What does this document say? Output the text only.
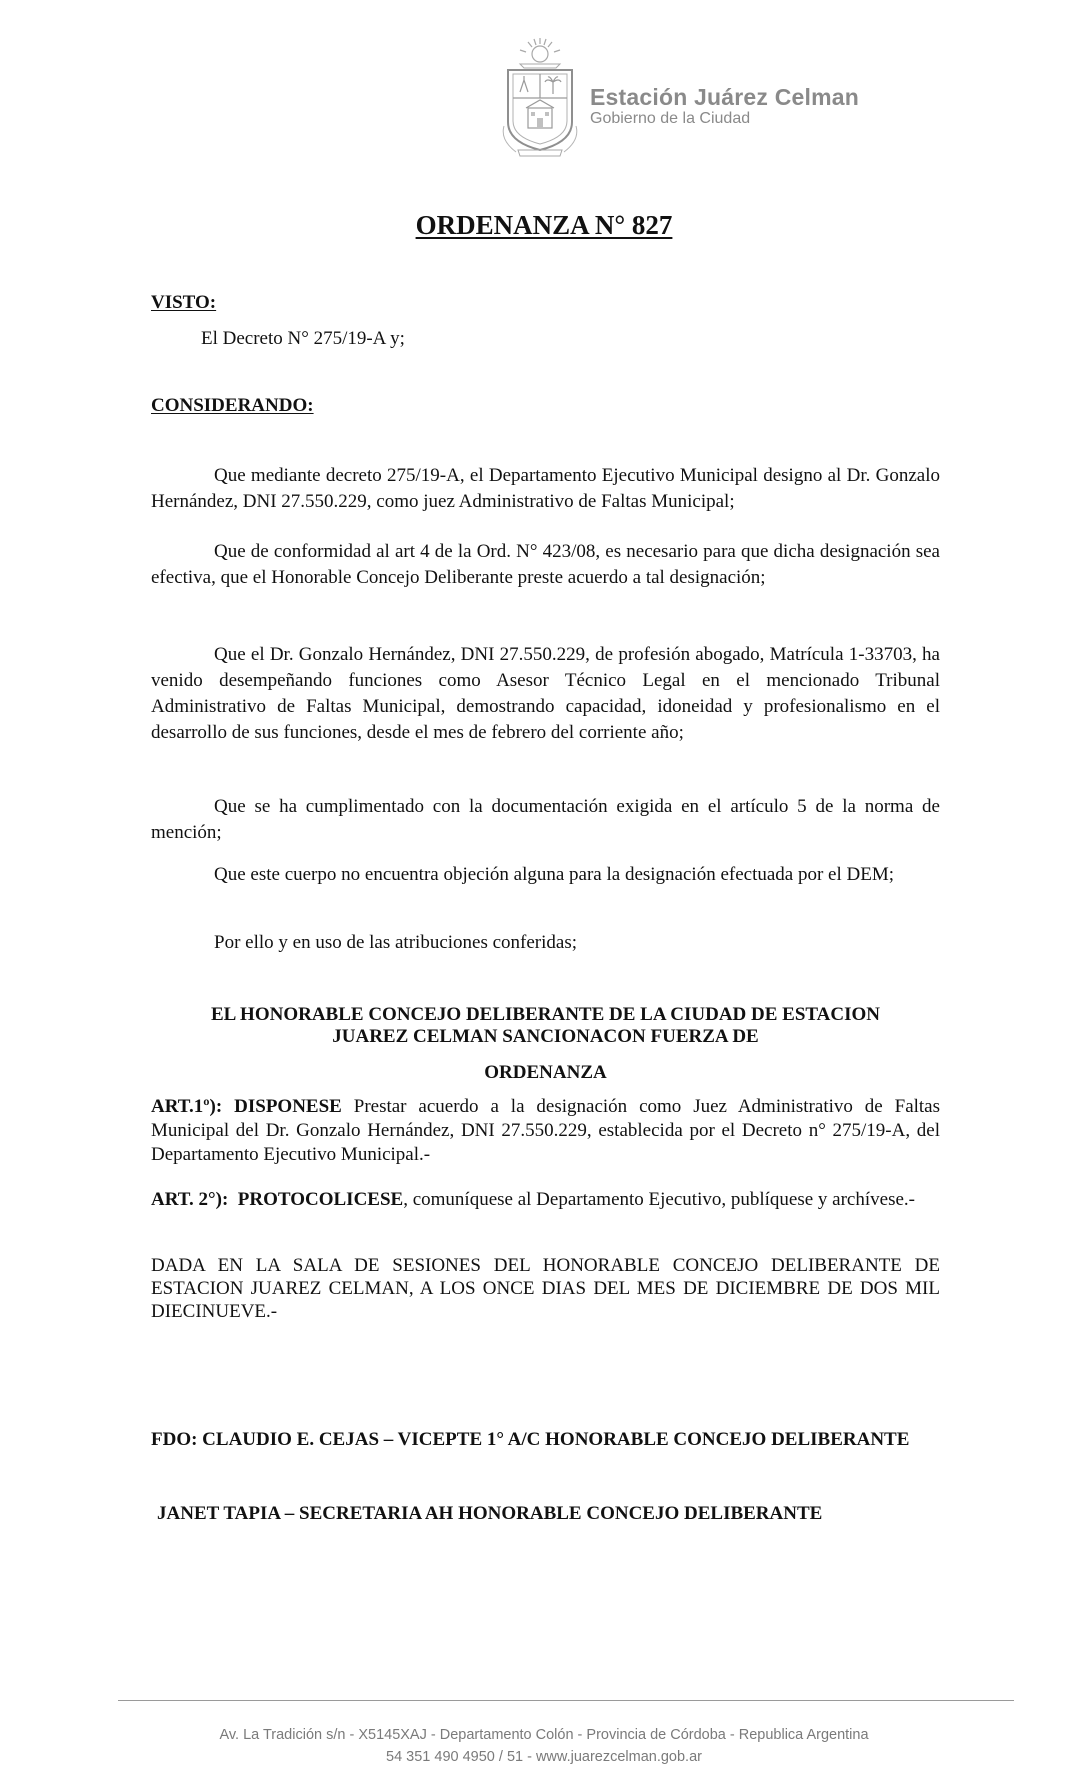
Estación Juárez Celman
Gobierno de la Ciudad
ORDENANZA N° 827
VISTO:
El Decreto N° 275/19-A y;
CONSIDERANDO:
Que mediante decreto 275/19-A, el Departamento Ejecutivo Municipal designo al Dr. Gonzalo Hernández, DNI 27.550.229, como juez Administrativo de Faltas Municipal;
Que de conformidad al art 4 de la Ord. N° 423/08, es necesario para que dicha designación sea efectiva, que el Honorable Concejo Deliberante preste acuerdo a tal designación;
Que el Dr. Gonzalo Hernández, DNI 27.550.229, de profesión abogado, Matrícula 1-33703, ha venido desempeñando funciones como Asesor Técnico Legal en el mencionado Tribunal Administrativo de Faltas Municipal, demostrando capacidad, idoneidad y profesionalismo en el desarrollo de sus funciones, desde el mes de febrero del corriente año;
Que se ha cumplimentado con la documentación exigida en el artículo 5 de la norma de mención;
Que este cuerpo no encuentra objeción alguna para la designación efectuada por el DEM;
Por ello y en uso de las atribuciones conferidas;
EL HONORABLE CONCEJO DELIBERANTE DE LA CIUDAD DE ESTACION
JUAREZ CELMAN SANCIONACON FUERZA DE
ORDENANZA
ART.1º): DISPONESE Prestar acuerdo a la designación como Juez Administrativo de Faltas Municipal del Dr. Gonzalo Hernández, DNI 27.550.229, establecida por el Decreto n° 275/19-A, del Departamento Ejecutivo Municipal.-
ART. 2°): PROTOCOLICESE, comuníquese al Departamento Ejecutivo, publíquese y archívese.-
DADA EN LA SALA DE SESIONES DEL HONORABLE CONCEJO DELIBERANTE DE ESTACION JUAREZ CELMAN, A LOS ONCE DIAS DEL MES DE DICIEMBRE DE DOS MIL DIECINUEVE.-
FDO: CLAUDIO E. CEJAS – VICEPTE 1° A/C HONORABLE CONCEJO DELIBERANTE
JANET TAPIA – SECRETARIA AH HONORABLE CONCEJO DELIBERANTE
Av. La Tradición s/n - X5145XAJ - Departamento Colón - Provincia de Córdoba - Republica Argentina
54 351 490 4950 / 51 - www.juarezcelman.gob.ar
